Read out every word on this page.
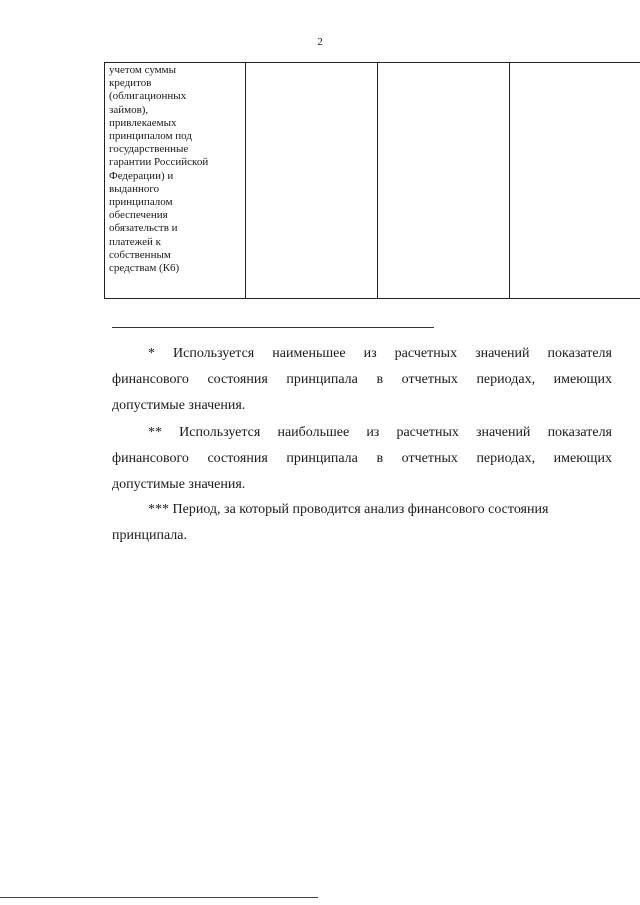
2
учетом суммы
кредитов
(облигационных
займов),
привлекаемых
принципалом под
государственные
гарантии Российской
Федерации) и
выданного
принципалом
обеспечения
обязательств и
платежей к
собственным
средствам (К6)

* Используется наименьшее из расчетных значений показателя
финансового состояния принципала в отчетных периодах, имеющих
допустимые значения.
** Используется наибольшее из расчетных значений показателя
финансового состояния принципала в отчетных периодах, имеющих
допустимые значения.
*** Период, за который проводится анализ финансового состояния
принципала.
